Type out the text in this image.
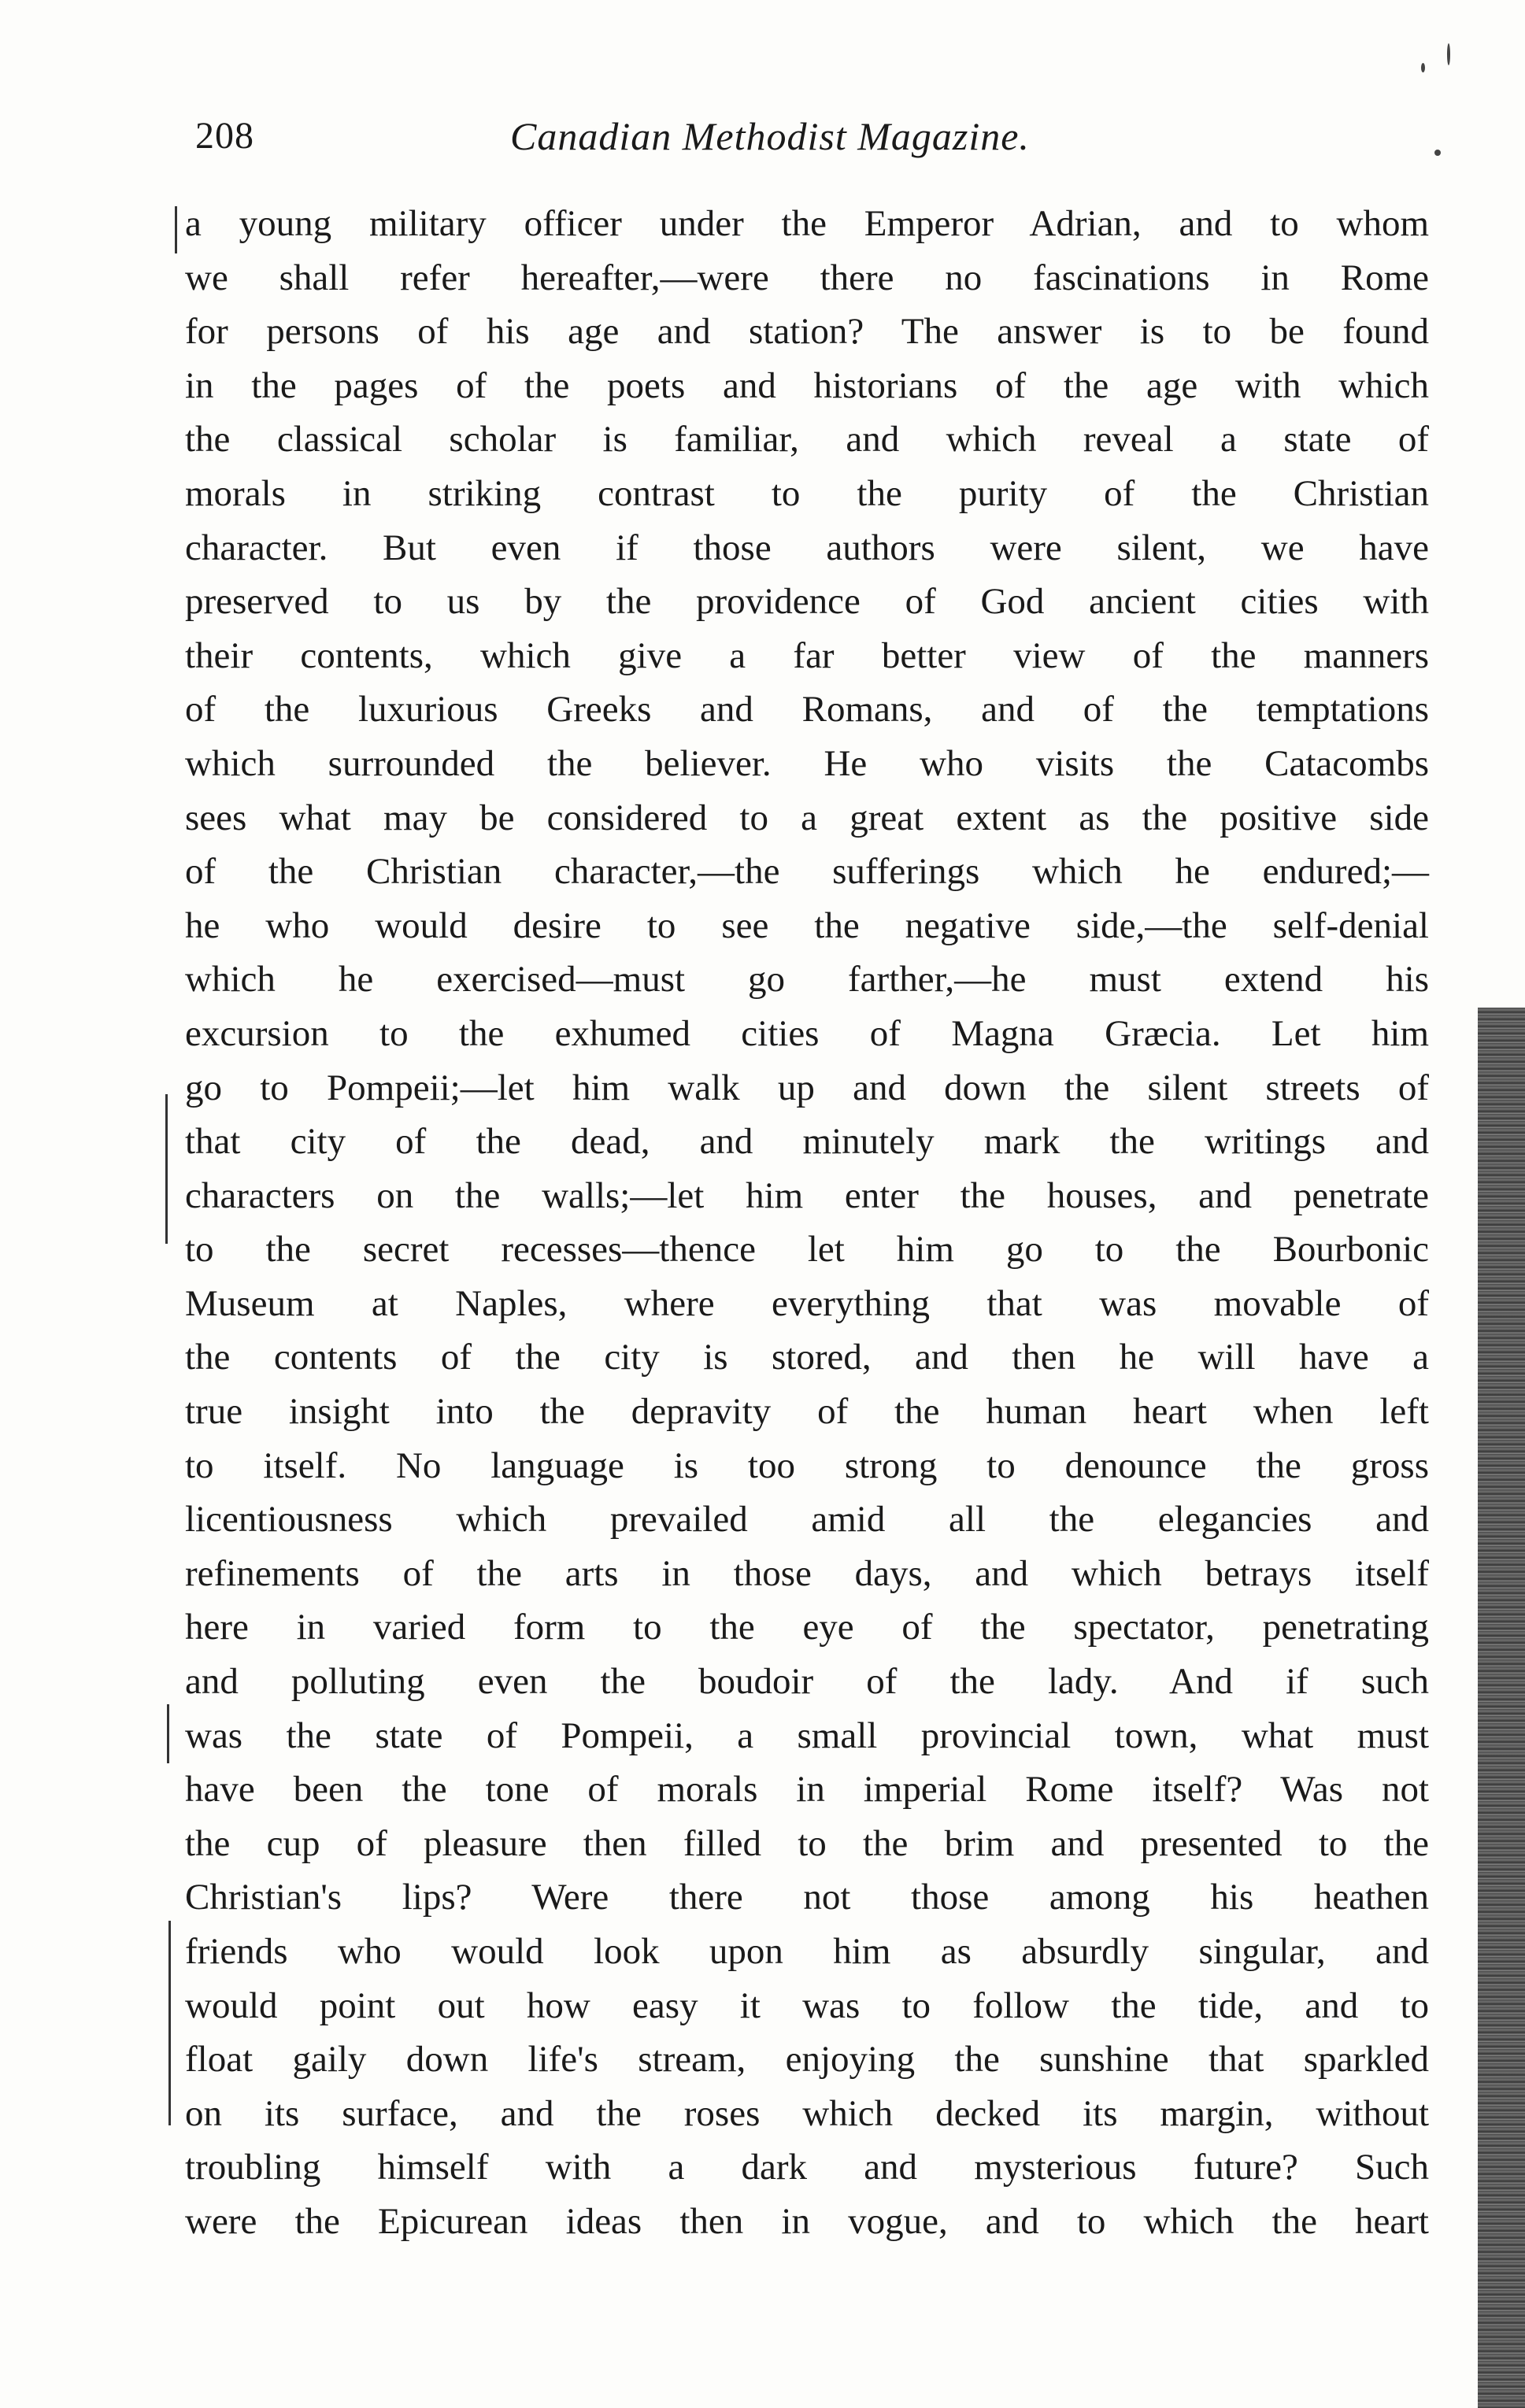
208	Canadian Methodist Magazine.
a young military officer under the Emperor Adrian, and to whom
we shall refer hereafter,—were there no fascinations in Rome
for persons of his age and station? The answer is to be found
in the pages of the poets and historians of the age with which
the classical scholar is familiar, and which reveal a state of
morals in striking contrast to the purity of the Christian
character. But even if those authors were silent, we have
preserved to us by the providence of God ancient cities with
their contents, which give a far better view of the manners
of the luxurious Greeks and Romans, and of the temptations
which surrounded the believer. He who visits the Catacombs
sees what may be considered to a great extent as the positive side
of the Christian character,—the sufferings which he endured;—
he who would desire to see the negative side,—the self-denial
which he exercised—must go farther,—he must extend his
excursion to the exhumed cities of Magna Græcia. Let him
go to Pompeii;—let him walk up and down the silent streets of
that city of the dead, and minutely mark the writings and
characters on the walls;—let him enter the houses, and penetrate
to the secret recesses—thence let him go to the Bourbonic
Museum at Naples, where everything that was movable of
the contents of the city is stored, and then he will have a
true insight into the depravity of the human heart when left
to itself. No language is too strong to denounce the gross
licentiousness which prevailed amid all the elegancies and
refinements of the arts in those days, and which betrays itself
here in varied form to the eye of the spectator, penetrating
and polluting even the boudoir of the lady. And if such
was the state of Pompeii, a small provincial town, what must
have been the tone of morals in imperial Rome itself? Was not
the cup of pleasure then filled to the brim and presented to the
Christian's lips? Were there not those among his heathen
friends who would look upon him as absurdly singular, and
would point out how easy it was to follow the tide, and to
float gaily down life's stream, enjoying the sunshine that sparkled
on its surface, and the roses which decked its margin, without
troubling himself with a dark and mysterious future? Such
were the Epicurean ideas then in vogue, and to which the heart
